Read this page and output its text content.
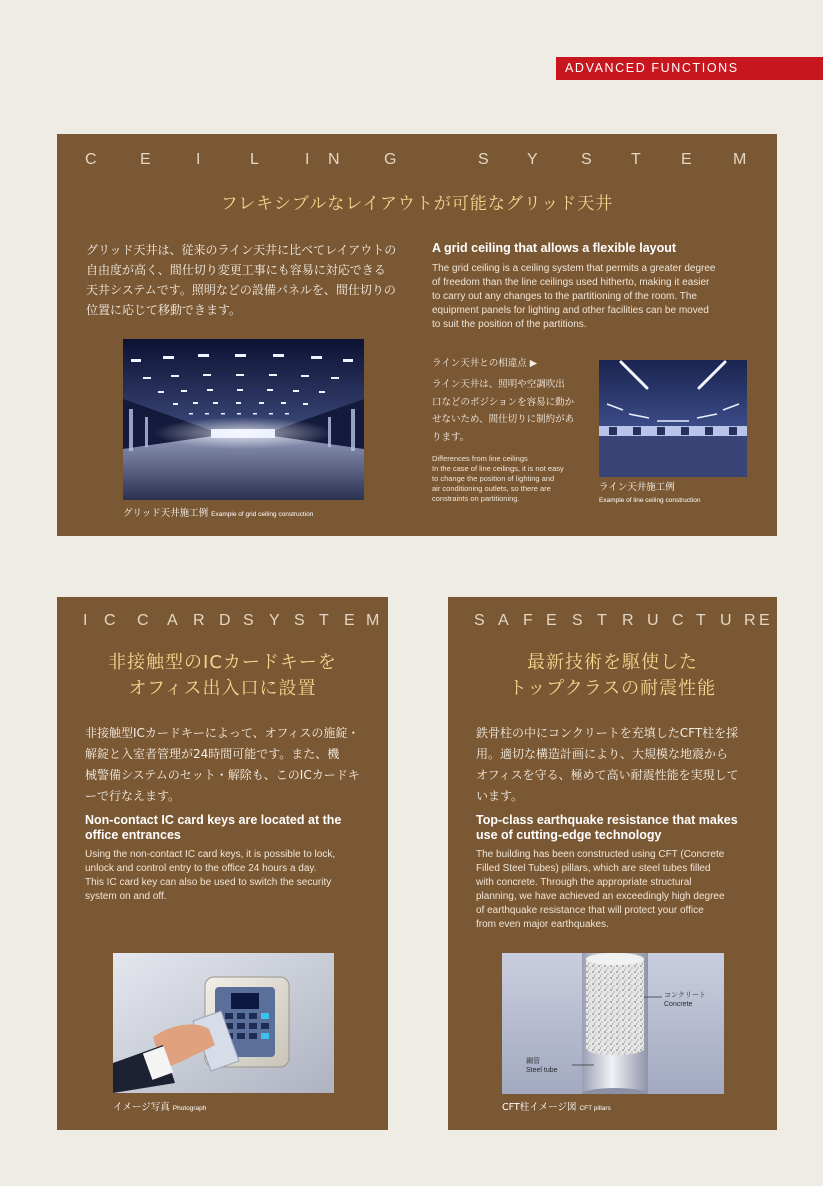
ADVANCED FUNCTIONS
C	E	I	L	I N	G	S Y	S T	E	M
フレキシブルなレイアウトが可能なグリッド天井
グリッド天井は、従来のライン天井に比べてレイアウトの
自由度が高く、間仕切り変更工事にも容易に対応できる
天井システムです。照明などの設備パネルを、間仕切りの
位置に応じて移動できます。
A grid ceiling that allows a flexible layout
The grid ceiling is a ceiling system that permits a greater degree
of freedom than the line ceilings used hitherto, making it easier
to carry out any changes to the partitioning of the room. The
equipment panels for lighting and other facilities can be moved
to suit the position of the partitions.
グリッド天井施工例 Example of grid ceiling construction
ライン天井との相違点 ▶
ライン天井は、照明や空調吹出
口などのポジションを容易に動か
せないため、間仕切りに制約があ
ります。
Differences from line ceilings
In the case of line ceilings, it is not easy
to change the position of lighting and
air conditioning outlets, so there are
constraints on partitioning.
ライン天井施工例
Example of line ceiling construction
I C C A R D S Y S T E M
非接触型のICカードキーを
オフィス出入口に設置
非接触型ICカードキーによって、オフィスの施錠・
解錠と入室者管理が24時間可能です。また、機
械警備システムのセット・解除も、このICカードキ
ーで行なえます。
Non-contact IC card keys are located at the
office entrances
Using the non-contact IC card keys, it is possible to lock,
unlock and control entry to the office 24 hours a day.
This IC card key can also be used to switch the security
system on and off.
イメージ写真 Photograph
S A F E S T R U C T U R E
最新技術を駆使した
トップクラスの耐震性能
鉄骨柱の中にコンクリートを充填したCFT柱を採
用。適切な構造計画により、大規模な地震から
オフィスを守る、極めて高い耐震性能を実現して
います。
Top-class earthquake resistance that makes
use of cutting-edge technology
The building has been constructed using CFT (Concrete
Filled Steel Tubes) pillars, which are steel tubes filled
with concrete. Through the appropriate structural
planning, we have achieved an exceedingly high degree
of earthquake resistance that will protect your office
from even major earthquakes.
コンクリート
Concrete
鋼管
Steel tube
CFT柱イメージ図 CFT pillars
